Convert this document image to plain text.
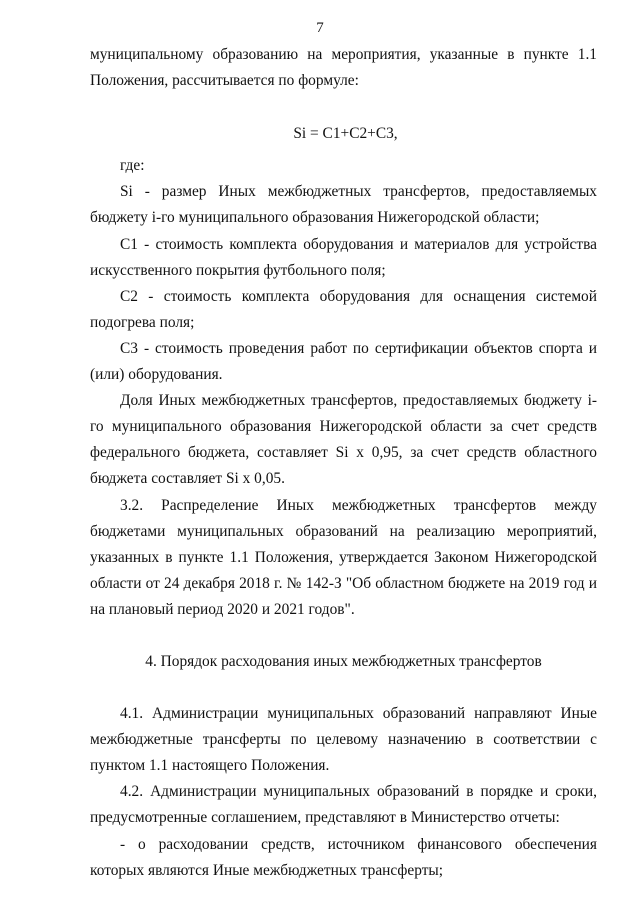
7

муниципальному образованию на мероприятия, указанные в пункте 1.1 Положения, рассчитывается по формуле:

Si = C1+C2+C3,

где:

Si - размер Иных межбюджетных трансфертов, предоставляемых бюджету i-го муниципального образования Нижегородской области;

С1 - стоимость комплекта оборудования и материалов для устройства искусственного покрытия футбольного поля;

С2 - стоимость комплекта оборудования для оснащения системой подогрева поля;

С3 - стоимость проведения работ по сертификации объектов спорта и (или) оборудования.

Доля Иных межбюджетных трансфертов, предоставляемых бюджету i-го муниципального образования Нижегородской области за счет средств федерального бюджета, составляет Si x 0,95, за счет средств областного бюджета составляет Si x 0,05.

3.2. Распределение Иных межбюджетных трансфертов между бюджетами муниципальных образований на реализацию мероприятий, указанных в пункте 1.1 Положения, утверждается Законом Нижегородской области от 24 декабря 2018 г. № 142-З "Об областном бюджете на 2019 год и на плановый период 2020 и 2021 годов".

4. Порядок расходования иных межбюджетных трансфертов

4.1. Администрации муниципальных образований направляют Иные межбюджетные трансферты по целевому назначению в соответствии с пунктом 1.1 настоящего Положения.

4.2. Администрации муниципальных образований в порядке и сроки, предусмотренные соглашением, представляют в Министерство отчеты:

- о расходовании средств, источником финансового обеспечения которых являются Иные межбюджетных трансферты;
